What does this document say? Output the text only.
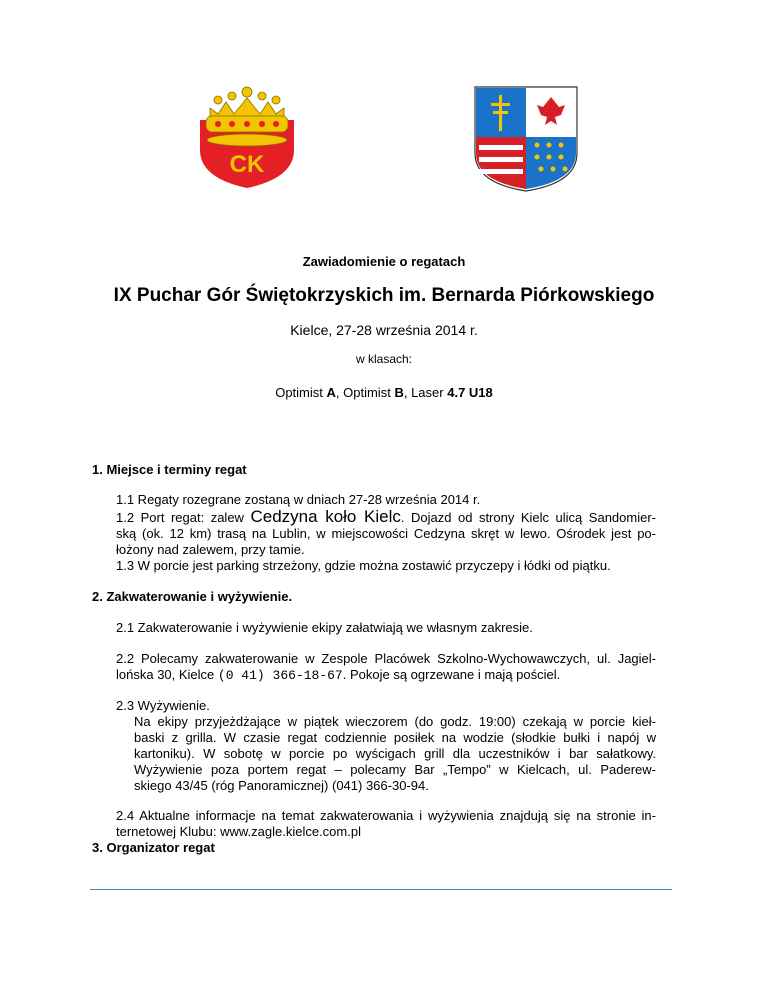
CK
Zawiadomienie o regatach
IX Puchar Gór Świętokrzyskich im. Bernarda Piórkowskiego
Kielce, 27-28 września 2014 r.
w klasach:
Optimist A, Optimist B, Laser 4.7 U18
1. Miejsce i terminy regat
1.1 Regaty rozegrane zostaną w dniach 27-28 września 2014 r.
1.2 Port regat: zalew Cedzyna koło Kielc. Dojazd od strony Kielc ulicą Sandomier-
ską (ok. 12 km) trasą na Lublin, w miejscowości Cedzyna skręt w lewo. Ośrodek jest po-
łożony nad zalewem, przy tamie.
1.3 W porcie jest parking strzeżony, gdzie można zostawić przyczepy i łódki od piątku.
2. Zakwaterowanie i wyżywienie.
2.1 Zakwaterowanie i wyżywienie ekipy załatwiają we własnym zakresie.
2.2 Polecamy zakwaterowanie w Zespole Placówek Szkolno-Wychowawczych, ul. Jagiel-
lońska 30, Kielce (0 41) 366-18-67. Pokoje są ogrzewane i mają pościel.
2.3 Wyżywienie.
Na ekipy przyjeżdżające w piątek wieczorem (do godz. 19:00) czekają w porcie kieł-
baski z grilla. W czasie regat codziennie posiłek na wodzie (słodkie bułki i napój w
kartoniku). W sobotę w porcie po wyścigach grill dla uczestników i bar sałatkowy.
Wyżywienie poza portem regat – polecamy Bar „Tempo” w Kielcach, ul. Paderew-
skiego 43/45 (róg Panoramicznej) (041) 366-30-94.
2.4 Aktualne informacje na temat zakwaterowania i wyżywienia znajdują się na stronie in-
ternetowej Klubu: www.zagle.kielce.com.pl
3. Organizator regat
